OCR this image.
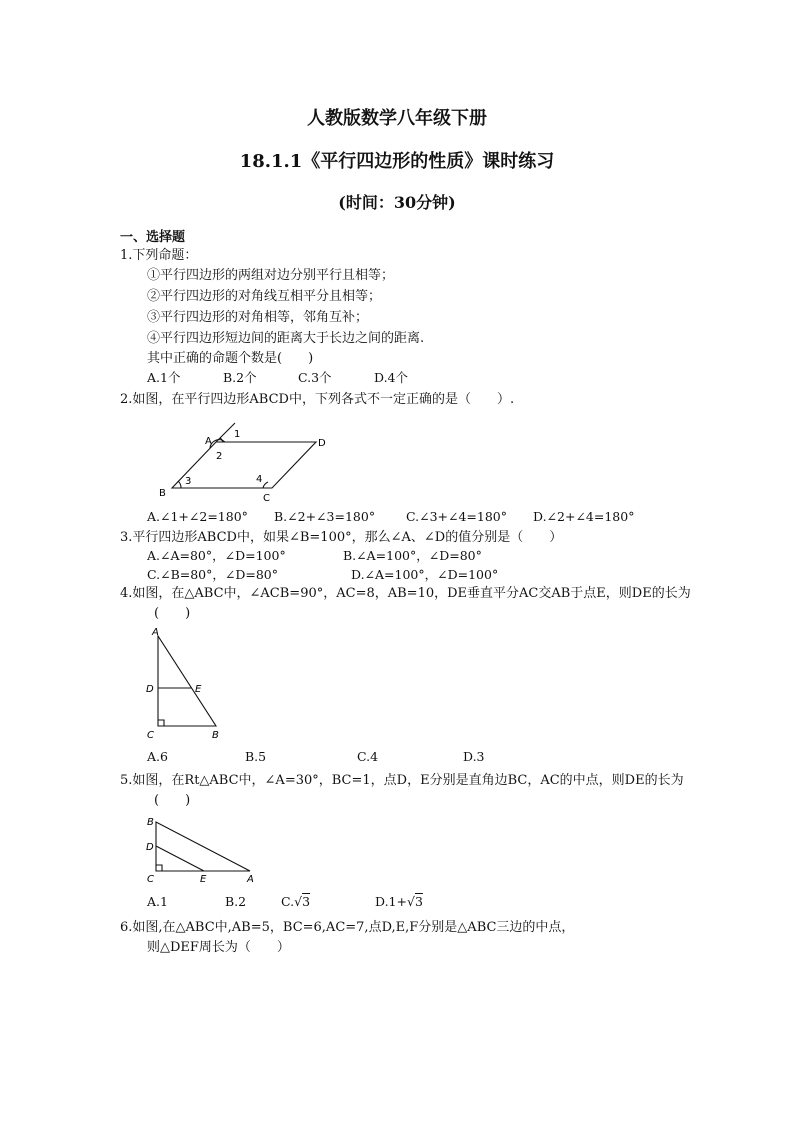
人教版数学八年级下册
18.1.1《平行四边形的性质》课时练习
(时间：30分钟)
一、选择题
1.下列命题：
①平行四边形的两组对边分别平行且相等；
②平行四边形的对角线互相平分且相等；
③平行四边形的对角相等，邻角互补；
④平行四边形短边间的距离大于长边之间的距离.
其中正确的命题个数是(　　)
A.1个	B.2个	C.3个	D.4个
2.如图，在平行四边形ABCD中，下列各式不一定正确的是（　　）.
A	D
B	C
1
2
3	4
A.∠1+∠2=180° B.∠2+∠3=180° C.∠3+∠4=180° D.∠2+∠4=180°
3.平行四边形ABCD中，如果∠B=100°，那么∠A、∠D的值分别是（　　）
A.∠A=80°，∠D=100°	B.∠A=100°，∠D=80°
C.∠B=80°，∠D=80°	D.∠A=100°，∠D=100°
4.如图，在△ABC中，∠ACB=90°，AC=8，AB=10，DE垂直平分AC交AB于点E，则DE的长为
(　　)
A
D	E
C	B
A.6	B.5	C.4	D.3
5.如图，在Rt△ABC中，∠A=30°，BC=1，点D，E分别是直角边BC，AC的中点，则DE的长为
(　　)
B
D
C	E	A
A.1	B.2	C.√3	D.1+√3
6.如图,在△ABC中,AB=5，BC=6,AC=7,点D,E,F分别是△ABC三边的中点，
则△DEF周长为（　　）
